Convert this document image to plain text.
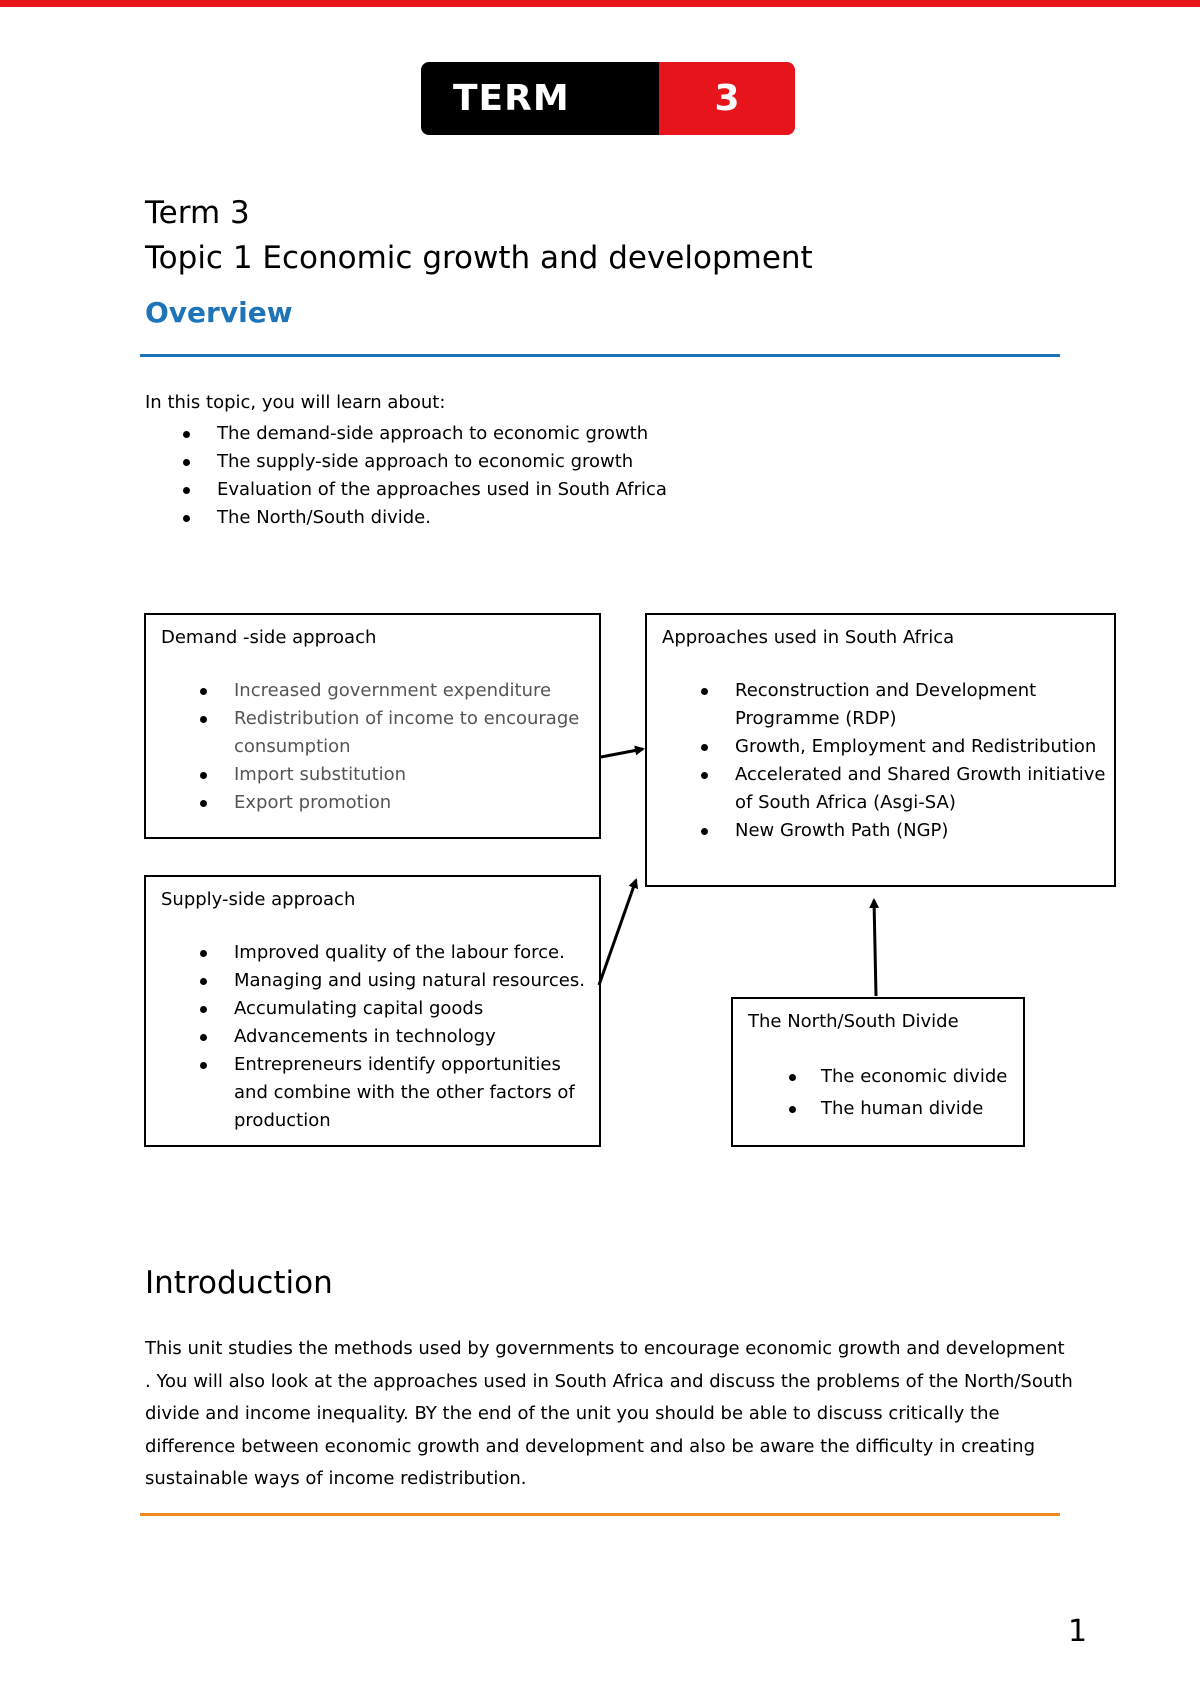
TERM	3
Term 3
Topic 1 Economic growth and development
Overview
In this topic, you will learn about:
The demand-side approach to economic growth
The supply-side approach to economic growth
Evaluation of the approaches used in South Africa
The North/South divide.
Demand -side approach
Increased government expenditure
Redistribution of income to encourage consumption
Import substitution
Export promotion
Supply-side approach
Improved quality of the labour force.
Managing and using natural resources.
Accumulating capital goods
Advancements in technology
Entrepreneurs identify opportunities and combine with the other factors of production
Approaches used in South Africa
Reconstruction and Development Programme (RDP)
Growth, Employment and Redistribution
Accelerated and Shared Growth initiative of South Africa (Asgi-SA)
New Growth Path (NGP)
The North/South Divide
The economic divide
The human divide
Introduction
This unit studies the methods used by governments to encourage economic growth and development . You will also look at the approaches used in South Africa and discuss the problems of the North/South divide and income inequality. BY the end of the unit you should be able to discuss critically the difference between economic growth and development and also be aware the difficulty in creating sustainable ways of income redistribution.
1
